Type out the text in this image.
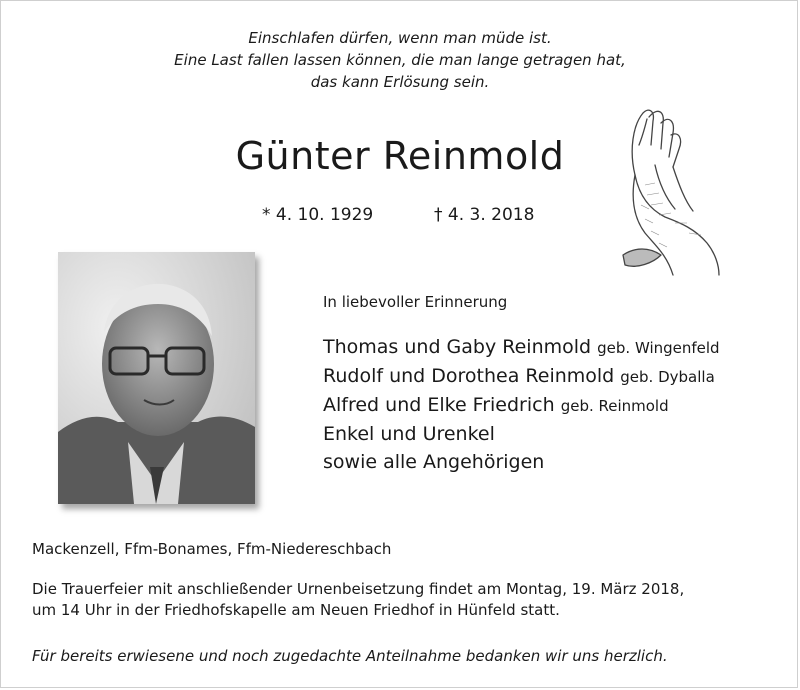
Einschlafen dürfen, wenn man müde ist.
Eine Last fallen lassen können, die man lange getragen hat,
das kann Erlösung sein.
Günter Reinmold
* 4. 10. 1929	† 4. 3. 2018
In liebevoller Erinnerung
Thomas und Gaby Reinmold geb. Wingenfeld
Rudolf und Dorothea Reinmold geb. Dyballa
Alfred und Elke Friedrich geb. Reinmold
Enkel und Urenkel
sowie alle Angehörigen
Mackenzell, Ffm-Bonames, Ffm-Niedereschbach
Die Trauerfeier mit anschließender Urnenbeisetzung findet am Montag, 19. März 2018,
um 14 Uhr in der Friedhofskapelle am Neuen Friedhof in Hünfeld statt.
Für bereits erwiesene und noch zugedachte Anteilnahme bedanken wir uns herzlich.
